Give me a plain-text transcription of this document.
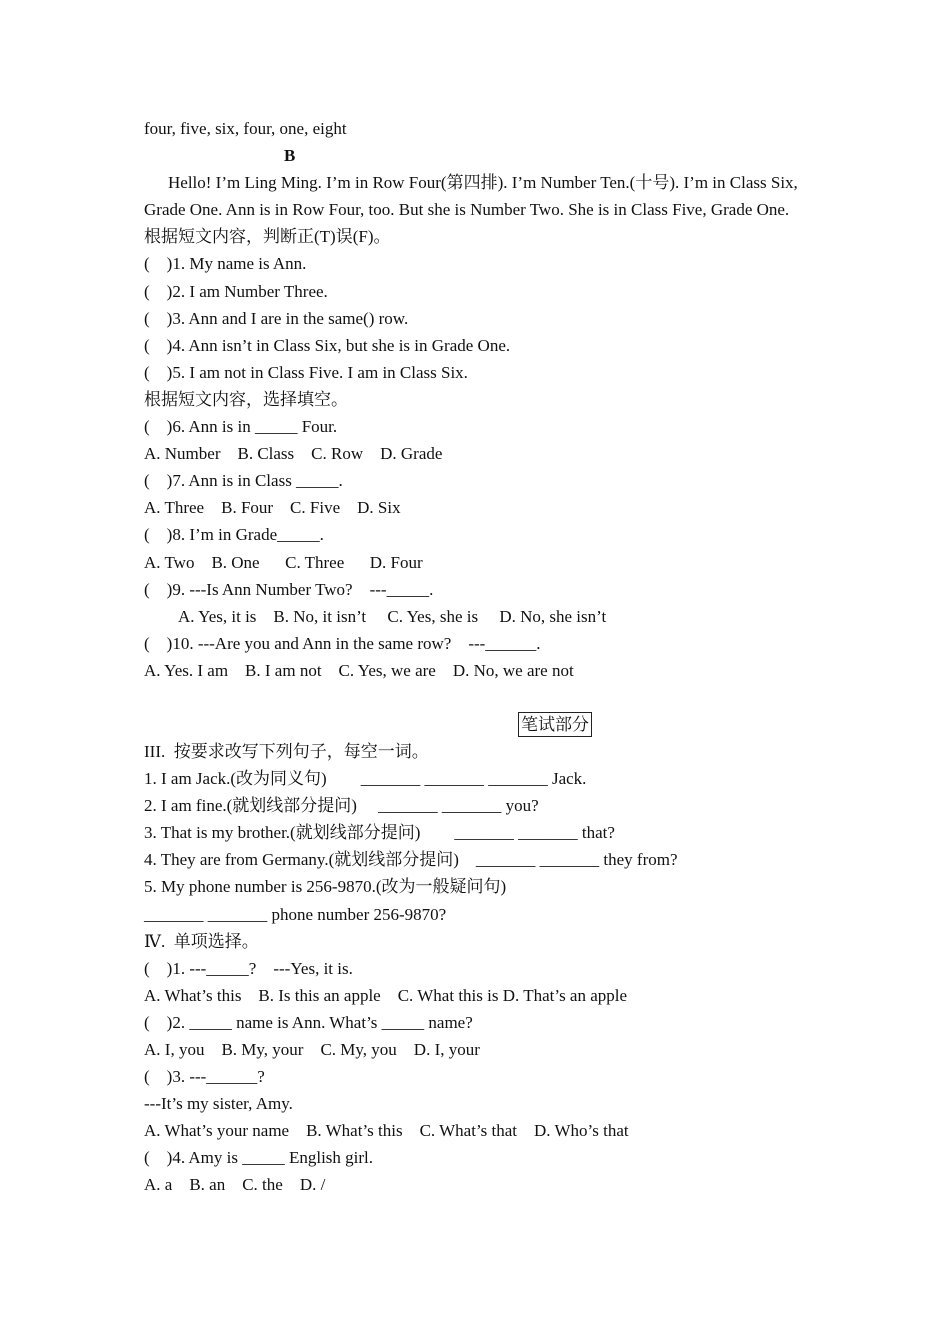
four, five, six, four, one, eight
B
Hello! I’m Ling Ming. I’m in Row Four(第四排). I’m Number Ten.(十号). I’m in Class Six, Grade One. Ann is in Row Four, too. But she is Number Two. She is in Class Five, Grade One.
根据短文内容，判断正(T)误(F)。
(　)1. My name is Ann.
(　)2. I am Number Three.
(　)3. Ann and I are in the same() row.
(　)4. Ann isn’t in Class Six, but she is in Grade One.
(　)5. I am not in Class Five. I am in Class Six.
根据短文内容，选择填空。
(　)6. Ann is in _____ Four.
A. Number    B. Class    C. Row    D. Grade
(　)7. Ann is in Class _____.
A. Three    B. Four    C. Five    D. Six
(　)8. I’m in Grade_____.
A. Two    B. One      C. Three      D. Four
(　)9. ---Is Ann Number Two?    ---_____.
A. Yes, it is    B. No, it isn’t     C. Yes, she is     D. No, she isn’t
(　)10. ---Are you and Ann in the same row?    ---______.
A. Yes. I am    B. I am not    C. Yes, we are    D. No, we are not
笔试部分
III.  按要求改写下列句子，每空一词。
1. I am Jack.(改为同义句)        _______ _______ _______ Jack.
2. I am fine.(就划线部分提问)     _______ _______ you?
3. That is my brother.(就划线部分提问)        _______ _______ that?
4. They are from Germany.(就划线部分提问)    _______ _______ they from?
5. My phone number is 256-9870.(改为一般疑问句)
_______ _______ phone number 256-9870?
Ⅳ.  单项选择。
(　)1. ---_____?    ---Yes, it is.
A. What’s this    B. Is this an apple    C. What this is D. That’s an apple
(　)2. _____ name is Ann. What’s _____ name?
A. I, you    B. My, your    C. My, you    D. I, your
(　)3. ---______?
---It’s my sister, Amy.
A. What’s your name    B. What’s this    C. What’s that    D. Who’s that
(　)4. Amy is _____ English girl.
A. a    B. an    C. the    D. /
